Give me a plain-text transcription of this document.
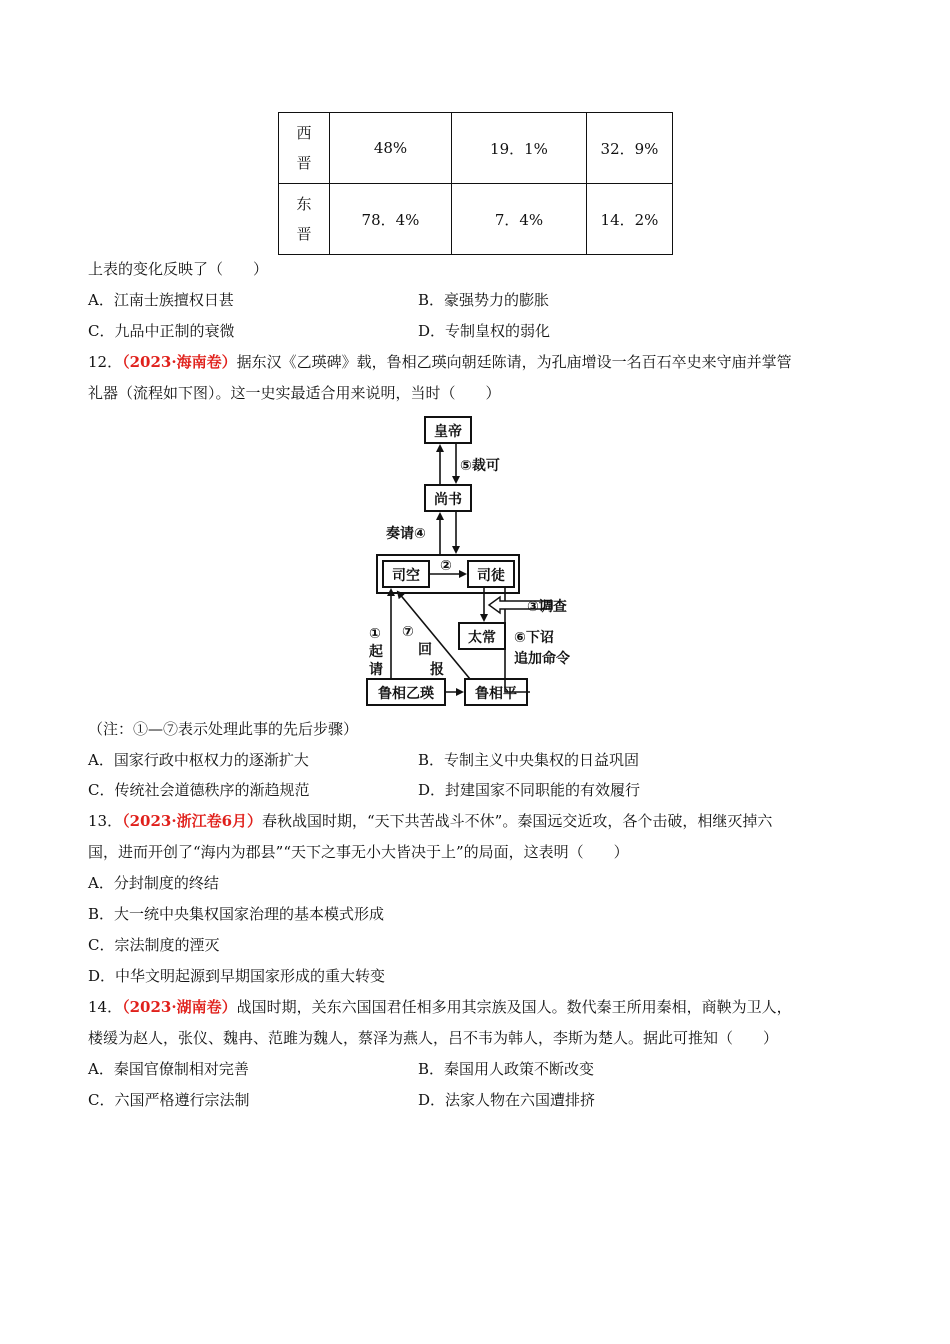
西
晋	48%	19．1%	32．9%
东
晋	78．4%	7．4%	14．2%
上表的变化反映了（　　）
A．江南士族擅权日甚	B．豪强势力的膨胀
C．九品中正制的衰微	D．专制皇权的弱化
12．（2023·海南卷）据东汉《乙瑛碑》载，鲁相乙瑛向朝廷陈请，为孔庙增设一名百石卒史来守庙并掌管
礼器（流程如下图）。这一史实最适合用来说明，当时（　　）
皇帝
尚书
司空	司徒
太常
鲁相乙瑛	鲁相平
⑤裁可
奏请④
②
③调查
⑥下诏
追加命令
①
起
请
⑦
回
报
（注：①—⑦表示处理此事的先后步骤）
A．国家行政中枢权力的逐渐扩大	B．专制主义中央集权的日益巩固
C．传统社会道德秩序的渐趋规范	D．封建国家不同职能的有效履行
13．（2023·浙江卷6月）春秋战国时期，“天下共苦战斗不休”。秦国远交近攻，各个击破，相继灭掉六
国，进而开创了“海内为郡县”“天下之事无小大皆决于上”的局面，这表明（　　）
A．分封制度的终结
B．大一统中央集权国家治理的基本模式形成
C．宗法制度的湮灭
D．中华文明起源到早期国家形成的重大转变
14．（2023·湖南卷）战国时期，关东六国国君任相多用其宗族及国人。数代秦王所用秦相，商鞅为卫人，
楼缓为赵人，张仪、魏冉、范雎为魏人，蔡泽为燕人，吕不韦为韩人，李斯为楚人。据此可推知（　　）
A．秦国官僚制相对完善	B．秦国用人政策不断改变
C．六国严格遵行宗法制	D．法家人物在六国遭排挤
